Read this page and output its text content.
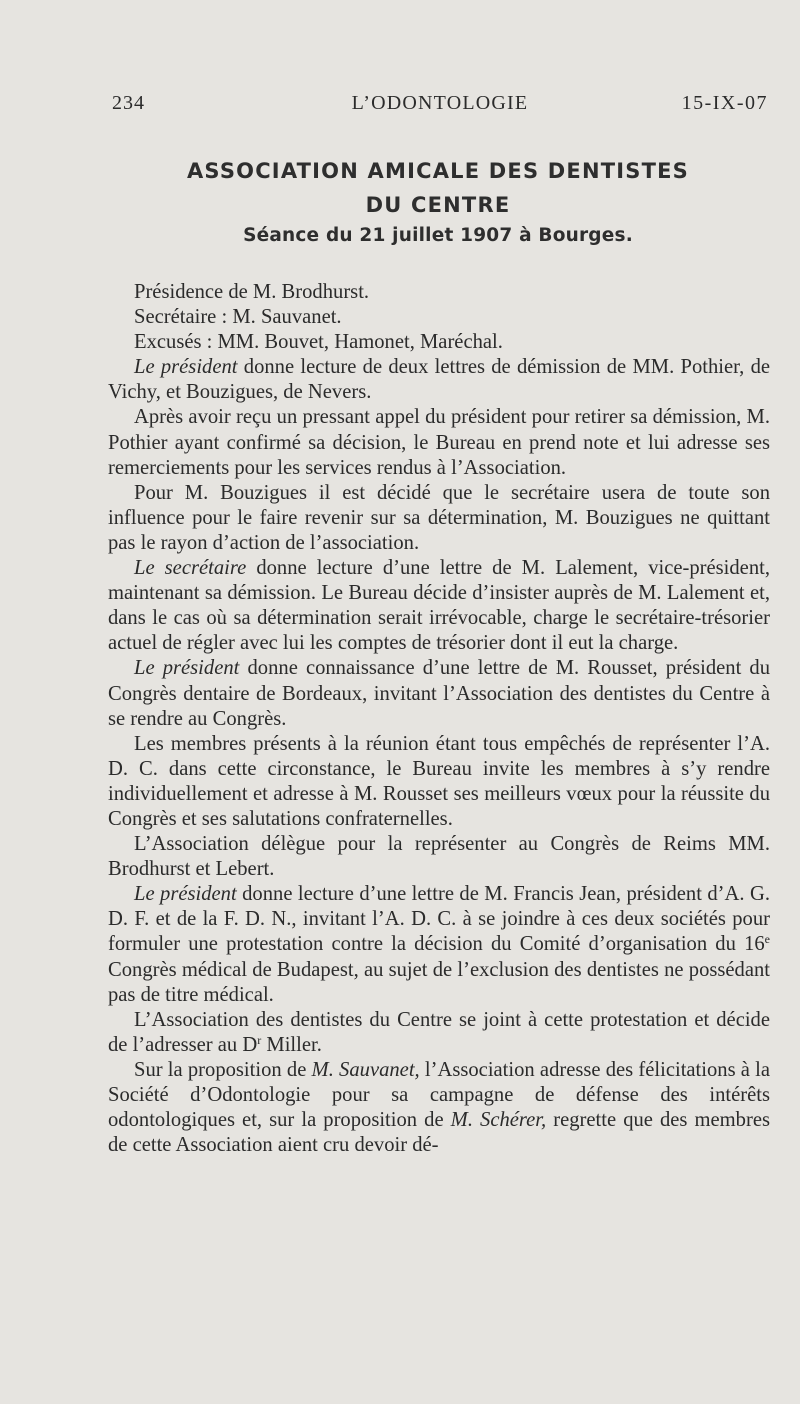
234	L’ODONTOLOGIE	15-IX-07
ASSOCIATION AMICALE DES DENTISTES
DU CENTRE
Séance du 21 juillet 1907 à Bourges.

Présidence de M. Brodhurst.

Secrétaire : M. Sauvanet.

Excusés : MM. Bouvet, Hamonet, Maréchal.

Le président donne lecture de deux lettres de démission de MM. Pothier, de Vichy, et Bouzigues, de Nevers.

Après avoir reçu un pressant appel du président pour retirer sa démission, M. Pothier ayant confirmé sa décision, le Bureau en prend note et lui adresse ses remerciements pour les services rendus à l’Association.

Pour M. Bouzigues il est décidé que le secrétaire usera de toute son influence pour le faire revenir sur sa détermination, M. Bouzigues ne quittant pas le rayon d’action de l’association.

Le secrétaire donne lecture d’une lettre de M. Lalement, vice-président, maintenant sa démission. Le Bureau décide d’insister auprès de M. Lalement et, dans le cas où sa détermination serait irrévocable, charge le secrétaire-trésorier actuel de régler avec lui les comptes de trésorier dont il eut la charge.

Le président donne connaissance d’une lettre de M. Rousset, président du Congrès dentaire de Bordeaux, invitant l’Association des dentistes du Centre à se rendre au Congrès.

Les membres présents à la réunion étant tous empêchés de représenter l’A. D. C. dans cette circonstance, le Bureau invite les membres à s’y rendre individuellement et adresse à M. Rousset ses meilleurs vœux pour la réussite du Congrès et ses salutations confraternelles.

L’Association délègue pour la représenter au Congrès de Reims MM. Brodhurst et Lebert.

Le président donne lecture d’une lettre de M. Francis Jean, président d’A. G. D. F. et de la F. D. N., invitant l’A. D. C. à se joindre à ces deux sociétés pour formuler une protestation contre la décision du Comité d’organisation du 16e Congrès médical de Budapest, au sujet de l’exclusion des dentistes ne possédant pas de titre médical.

L’Association des dentistes du Centre se joint à cette protestation et décide de l’adresser au $D^r$ Miller.

Sur la proposition de M. Sauvanet, l’Association adresse des félicitations à la Société d’Odontologie pour sa campagne de défense des intérêts odontologiques et, sur la proposition de M. Schérer, regrette que des membres de cette Association aient cru devoir dé-
